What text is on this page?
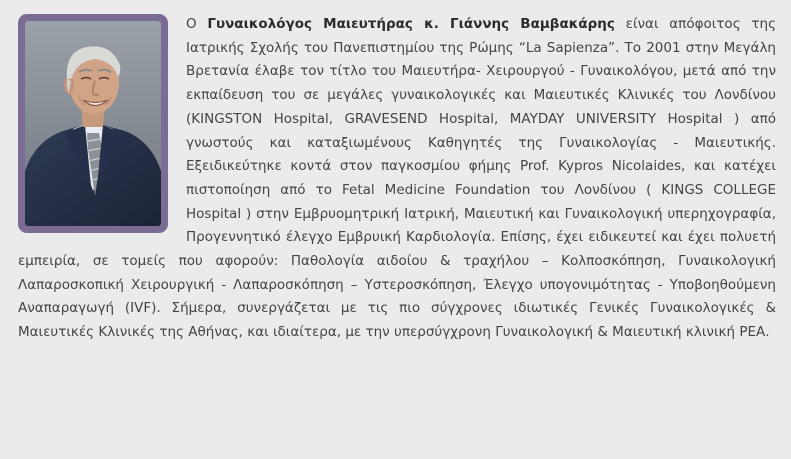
Ο Γυναικολόγος Μαιευτήρας κ. Γιάννης Βαμβακάρης είναι απόφοιτος της Ιατρικής Σχολής του Πανεπιστημίου της Ρώμης “La Sapienza”. Το 2001 στην Μεγάλη Βρετανία έλαβε τον τίτλο του Μαιευτήρα- Χειρουργού - Γυναικολόγου, μετά από την εκπαίδευση του σε μεγάλες γυναικολογικές και Μαιευτικές Κλινικές του Λονδίνου (KINGSTON Hospital, GRAVESEND Hospital, MAYDAY UNIVERSITY Hospital ) από γνωστούς και καταξιωμένους Καθηγητές της Γυναικολογίας - Μαιευτικής. Εξειδικεύτηκε κοντά στον παγκοσμίου φήμης Prof. Kypros Nicolaides, και κατέχει πιστοποίηση από το Fetal Medicine Foundation του Λονδίνου ( KINGS COLLEGE Hospital ) στην Εμβρυομητρική Ιατρική, Μαιευτική και Γυναικολογική υπερηχογραφία, Προγεννητικό έλεγχο Εμβρυική Καρδιολογία. Επίσης, έχει ειδικευτεί και έχει πολυετή εμπειρία, σε τομείς που αφορούν: Παθολογία αιδοίου & τραχήλου – Κολποσκόπηση, Γυναικολογική Λαπαροσκοπική Χειρουργική - Λαπαροσκόπηση – Υστεροσκόπηση, Έλεγχο υπογονιμότητας - Υποβοηθούμενη Αναπαραγωγή (IVF). Σήμερα, συνεργάζεται με τις πιο σύγχρονες ιδιωτικές Γενικές Γυναικολογικές & Μαιευτικές Κλινικές της Αθήνας, και ιδιαίτερα, με την υπερσύγχρονη Γυναικολογική & Μαιευτική κλινική ΡΕΑ.
